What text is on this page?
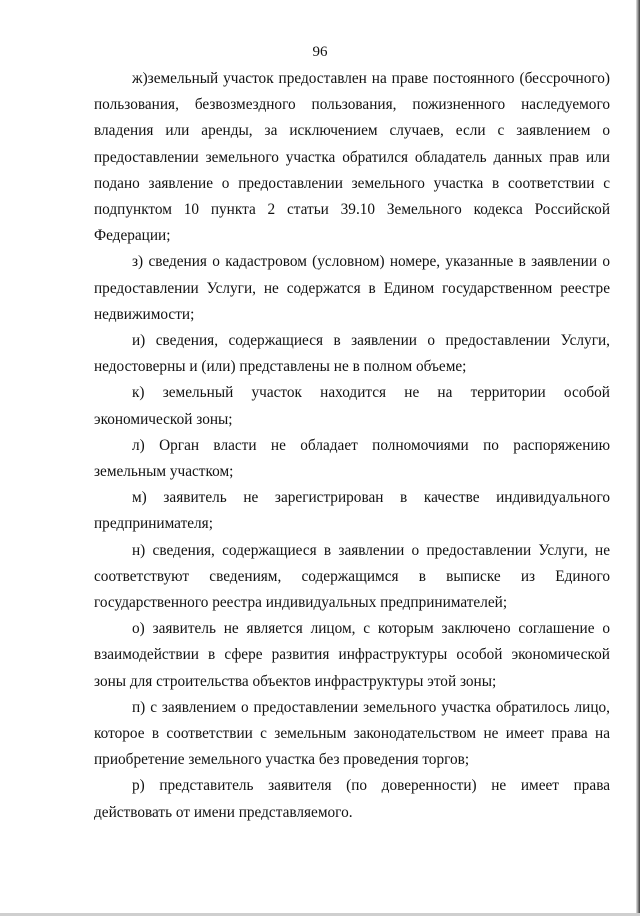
96

ж)земельный участок предоставлен на праве постоянного (бессрочного) пользования, безвозмездного пользования, пожизненного наследуемого владения или аренды, за исключением случаев, если с заявлением о предоставлении земельного участка обратился обладатель данных прав или подано заявление о предоставлении земельного участка в соответствии с подпунктом 10 пункта 2 статьи 39.10 Земельного кодекса Российской Федерации;

з) сведения о кадастровом (условном) номере, указанные в заявлении о предоставлении Услуги, не содержатся в Едином государственном реестре недвижимости;

и) сведения, содержащиеся в заявлении о предоставлении Услуги, недостоверны и (или) представлены не в полном объеме;

к) земельный участок находится не на территории особой экономической зоны;

л) Орган власти не обладает полномочиями по распоряжению земельным участком;

м) заявитель не зарегистрирован в качестве индивидуального предпринимателя;

н) сведения, содержащиеся в заявлении о предоставлении Услуги, не соответствуют сведениям, содержащимся в выписке из Единого государственного реестра индивидуальных предпринимателей;

о) заявитель не является лицом, с которым заключено соглашение о взаимодействии в сфере развития инфраструктуры особой экономической зоны для строительства объектов инфраструктуры этой зоны;

п) с заявлением о предоставлении земельного участка обратилось лицо, которое в соответствии с земельным законодательством не имеет права на приобретение земельного участка без проведения торгов;

р) представитель заявителя (по доверенности) не имеет права действовать от имени представляемого.
